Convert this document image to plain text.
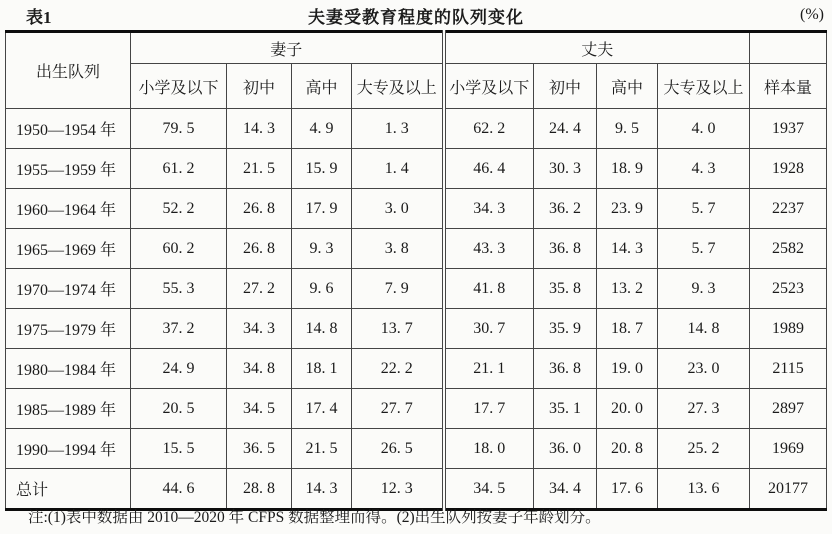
表1	夫妻受教育程度的队列变化	(%)
出生队列	妻子				丈夫				
	小学及以下	初中	高中	大专及以上	小学及以下	初中	高中	大专及以上	样本量
1950—1954 年	79. 5	14. 3	4. 9	1. 3	62. 2	24. 4	9. 5	4. 0	1937
1955—1959 年	61. 2	21. 5	15. 9	1. 4	46. 4	30. 3	18. 9	4. 3	1928
1960—1964 年	52. 2	26. 8	17. 9	3. 0	34. 3	36. 2	23. 9	5. 7	2237
1965—1969 年	60. 2	26. 8	9. 3	3. 8	43. 3	36. 8	14. 3	5. 7	2582
1970—1974 年	55. 3	27. 2	9. 6	7. 9	41. 8	35. 8	13. 2	9. 3	2523
1975—1979 年	37. 2	34. 3	14. 8	13. 7	30. 7	35. 9	18. 7	14. 8	1989
1980—1984 年	24. 9	34. 8	18. 1	22. 2	21. 1	36. 8	19. 0	23. 0	2115
1985—1989 年	20. 5	34. 5	17. 4	27. 7	17. 7	35. 1	20. 0	27. 3	2897
1990—1994 年	15. 5	36. 5	21. 5	26. 5	18. 0	36. 0	20. 8	25. 2	1969
总计	44. 6	28. 8	14. 3	12. 3	34. 5	34. 4	17. 6	13. 6	20177
注:(1)表中数据由 2010—2020 年 CFPS 数据整理而得。(2)出生队列按妻子年龄划分。
